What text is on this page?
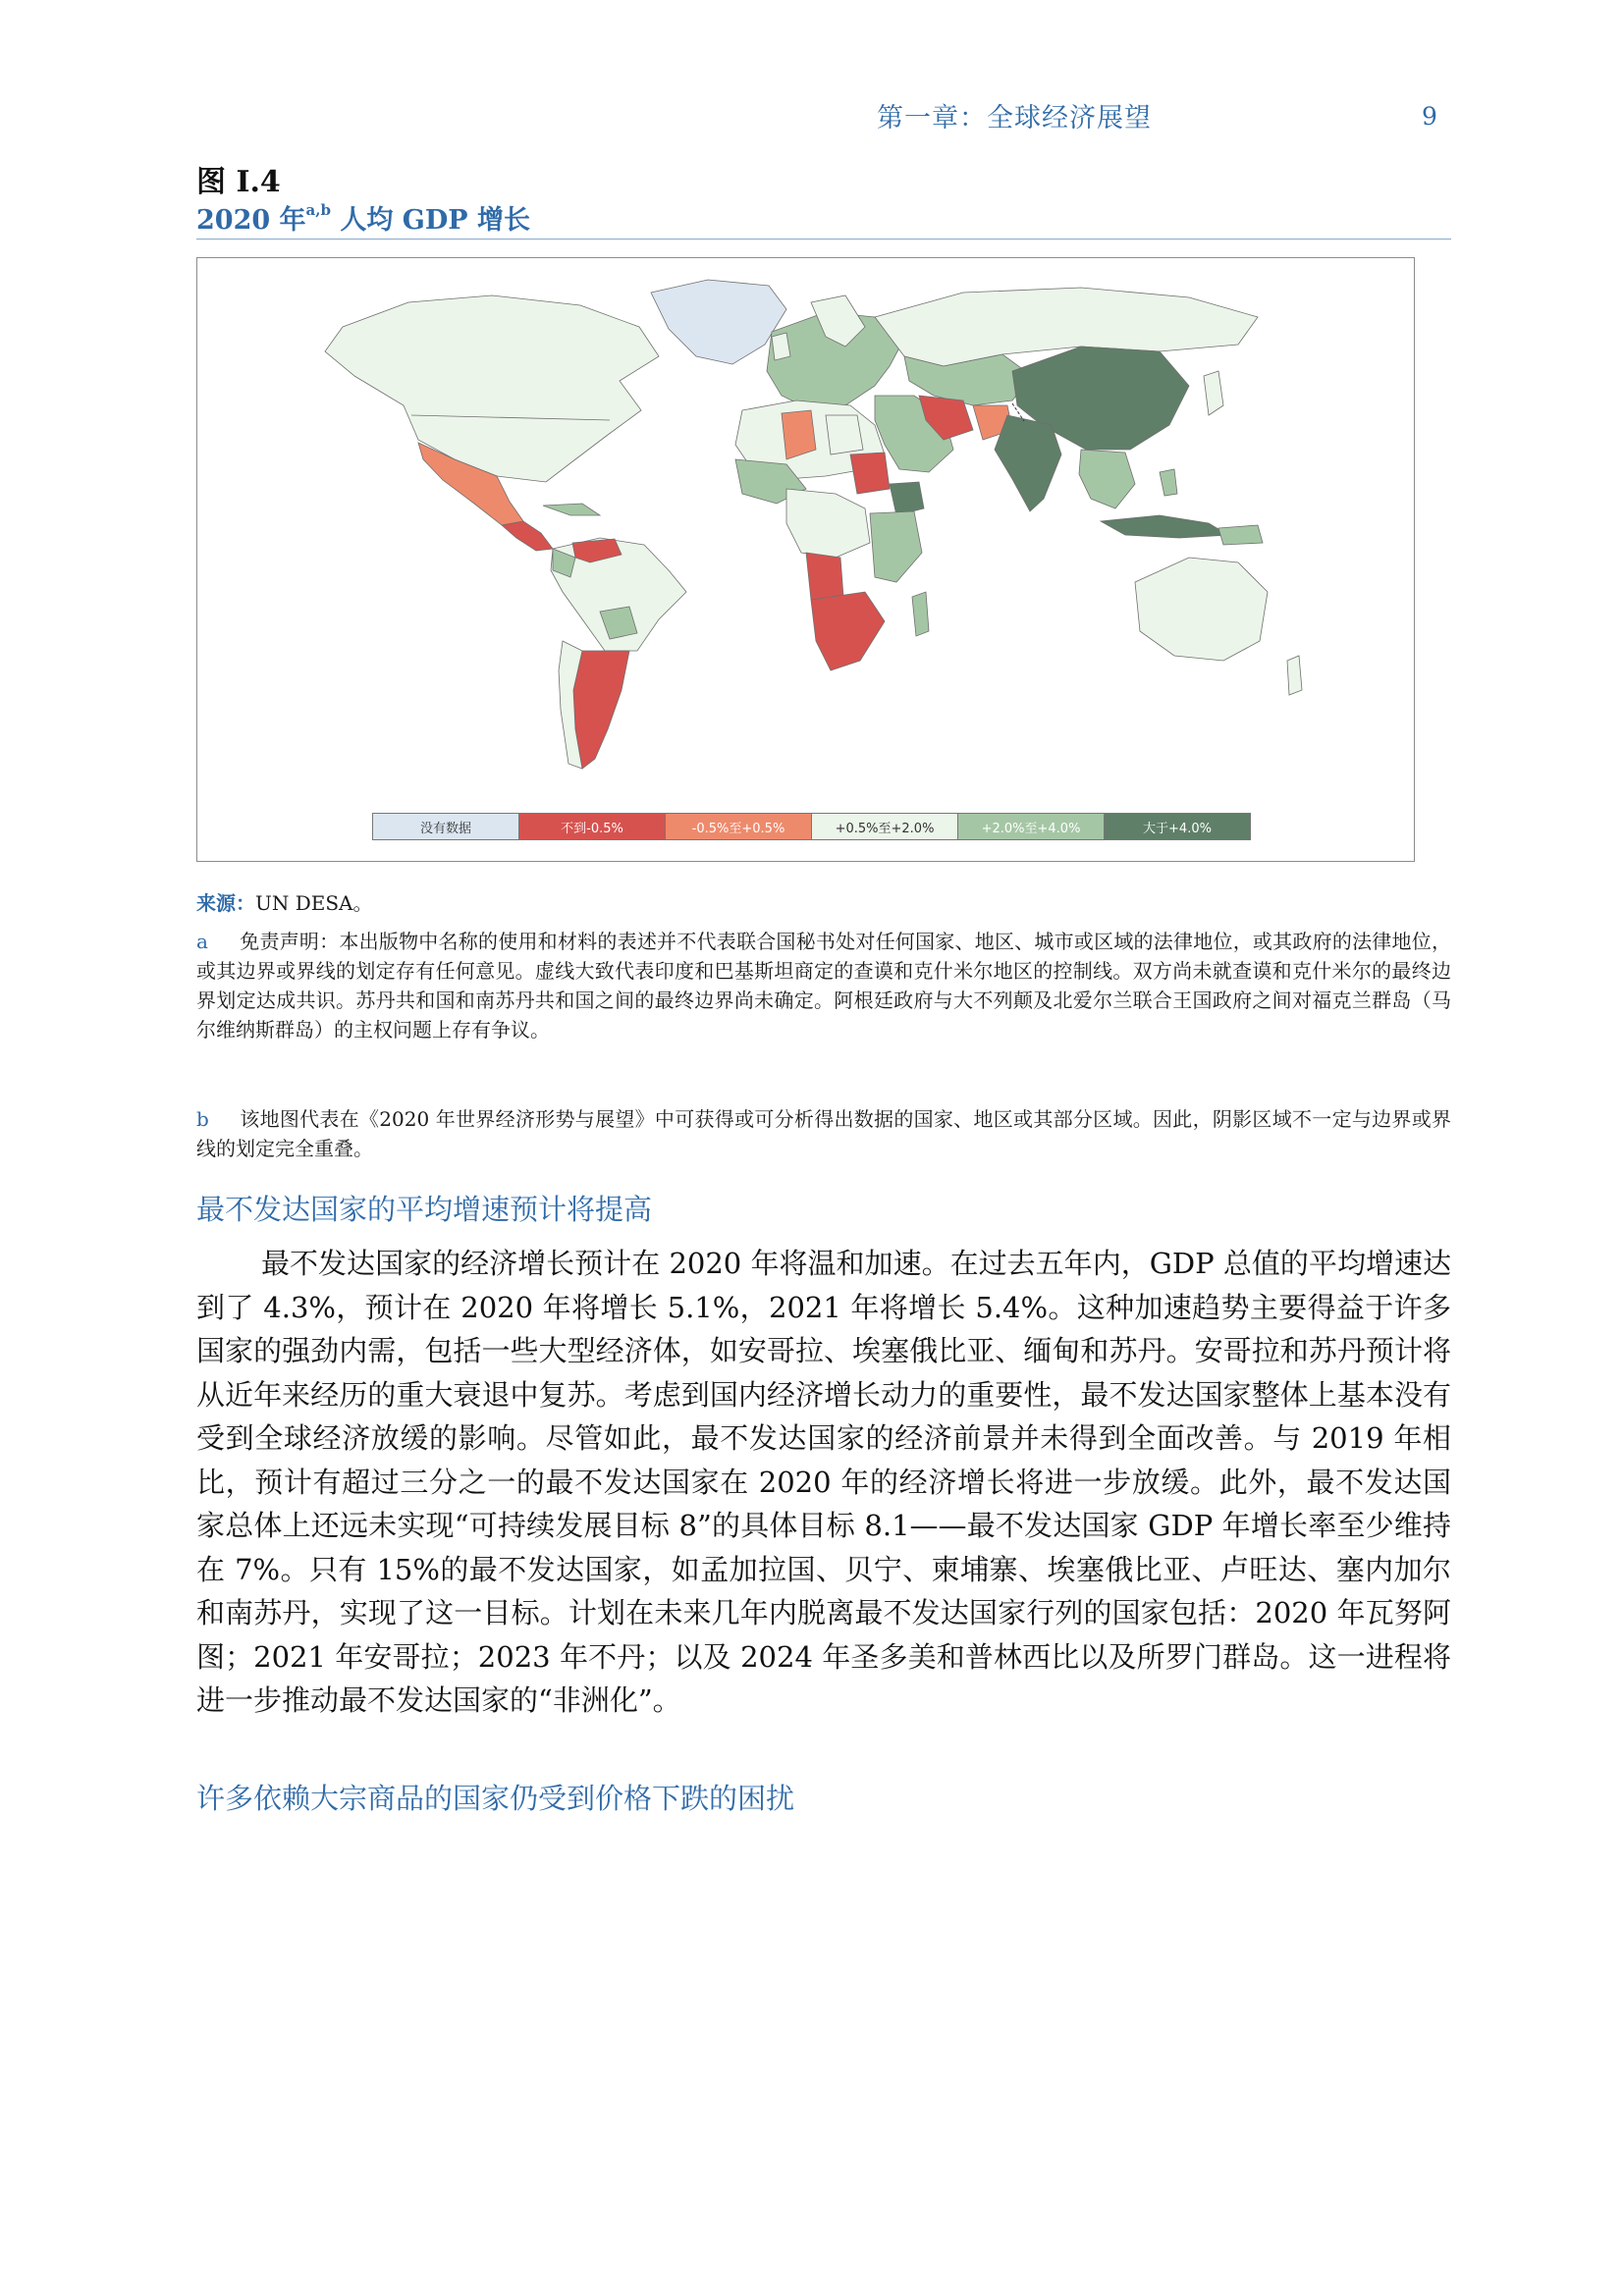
第一章：全球经济展望	9
图 I.4
2020 年$^{a,b}$ 人均 GDP 增长
没有数据	不到-0.5%	-0.5%至+0.5%	+0.5%至+2.0%	+2.0%至+4.0%	大于+4.0%
来源：UN DESA。
a 免责声明：本出版物中名称的使用和材料的表述并不代表联合国秘书处对任何国家、地区、城市或区域的法律地位，或其政府的法律地位，或其边界或界线的划定存有任何意见。虚线大致代表印度和巴基斯坦商定的查谟和克什米尔地区的控制线。双方尚未就查谟和克什米尔的最终边界划定达成共识。苏丹共和国和南苏丹共和国之间的最终边界尚未确定。阿根廷政府与大不列颠及北爱尔兰联合王国政府之间对福克兰群岛（马尔维纳斯群岛）的主权问题上存有争议。
b 该地图代表在《2020 年世界经济形势与展望》中可获得或可分析得出数据的国家、地区或其部分区域。因此，阴影区域不一定与边界或界线的划定完全重叠。
最不发达国家的平均增速预计将提高
最不发达国家的经济增长预计在 2020 年将温和加速。在过去五年内，GDP 总值的平均增速达到了 4.3%，预计在 2020 年将增长 5.1%，2021 年将增长 5.4%。这种加速趋势主要得益于许多国家的强劲内需，包括一些大型经济体，如安哥拉、埃塞俄比亚、缅甸和苏丹。安哥拉和苏丹预计将从近年来经历的重大衰退中复苏。考虑到国内经济增长动力的重要性，最不发达国家整体上基本没有受到全球经济放缓的影响。尽管如此，最不发达国家的经济前景并未得到全面改善。与 2019 年相比，预计有超过三分之一的最不发达国家在 2020 年的经济增长将进一步放缓。此外，最不发达国家总体上还远未实现“可持续发展目标 8”的具体目标 8.1——最不发达国家 GDP 年增长率至少维持在 7%。只有 15%的最不发达国家，如孟加拉国、贝宁、柬埔寨、埃塞俄比亚、卢旺达、塞内加尔和南苏丹，实现了这一目标。计划在未来几年内脱离最不发达国家行列的国家包括：2020 年瓦努阿图；2021 年安哥拉；2023 年不丹；以及 2024 年圣多美和普林西比以及所罗门群岛。这一进程将进一步推动最不发达国家的“非洲化”。
许多依赖大宗商品的国家仍受到价格下跌的困扰
